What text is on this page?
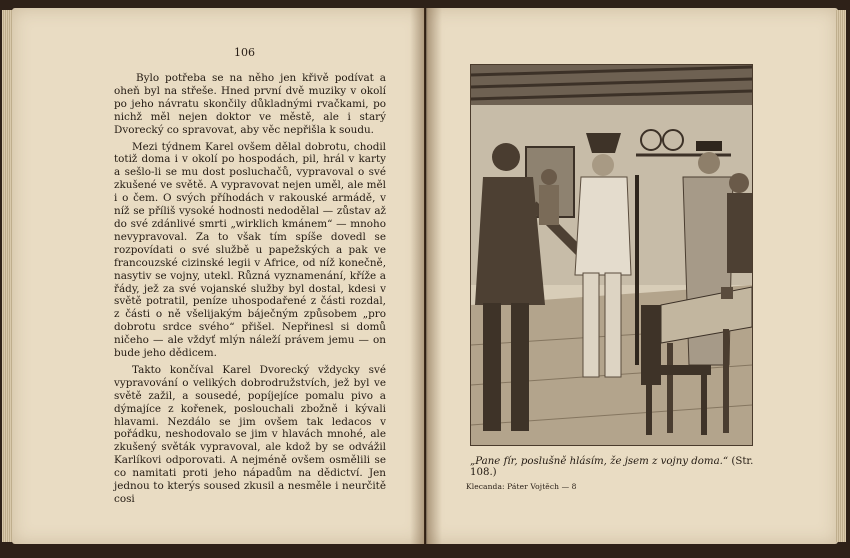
106

Bylo potřeba se na něho jen křivě podívat a oheň byl na střeše. Hned první dvě muziky v okolí po jeho návratu skončily důkladnými rvačkami, po nichž měl nejen doktor ve městě, ale i starý Dvorecký co spravovat, aby věc nepřišla k soudu.

Mezi týdnem Karel ovšem dělal dobrotu, chodil totiž doma i v okolí po hospodách, pil, hrál v karty a sešlo-li se mu dost posluchačů, vypravoval o své zkušené ve světě. A vypravovat nejen uměl, ale měl i o čem. O svých příhodách v rakouské armádě, v níž se příliš vysoké hodnosti nedodělal — zůstav až do své zdánlivé smrti „wirklich kmánem“ — mnoho nevypravoval. Za to však tím spíše dovedl se rozpovídati o své službě u papežských a pak ve francouzské cizinské legii v Africe, od níž konečně, nasytiv se vojny, utekl. Různá vyznamenání, kříže a řády, jež za své vojanské služby byl dostal, kdesi v světě potratil, peníze uhospodařené z části rozdal, z části o ně všelijakým báječným způsobem „pro dobrotu srdce svého“ přišel. Nepřinesl si domů ničeho — ale vždyť mlýn náleží právem jemu — on bude jeho dědicem.

Takto končíval Karel Dvorecký vždycky své vypravování o velikých dobrodružstvích, jež byl ve světě zažil, a sousedé, popíjejíce pomalu pivo a dýmajíce z kořenek, poslouchali zbožně i kývali hlavami. Nezdálo se jim ovšem tak ledacos v pořádku, neshodovalo se jim v hlavách mnohé, ale zkušený světák vypravoval, ale kdož by se odvážil Karlíkovi odporovati. A nejméně ovšem osmělili se co namitati proti jeho nápadům na dědictví. Jen jednou to kterýs soused zkusil a nesměle i neurčitě cosi

„Pane fír, poslušně hlásím, že jsem z vojny doma.“ (Str. 108.)
Klecanda: Páter Vojtěch — 8
